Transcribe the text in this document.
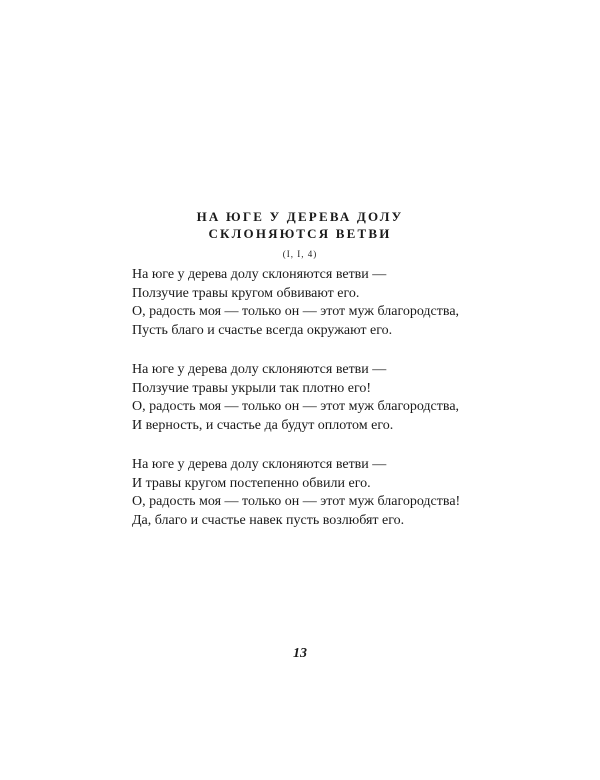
НА ЮГЕ У ДЕРЕВА ДОЛУ
СКЛОНЯЮТСЯ ВЕТВИ
(I, I, 4)
На юге у дерева долу склоняются ветви —
Ползучие травы кругом обвивают его.
О, радость моя — только он — этот муж благородства,
Пусть благо и счастье всегда окружают его.
На юге у дерева долу склоняются ветви —
Ползучие травы укрыли так плотно его!
О, радость моя — только он — этот муж благородства,
И верность, и счастье да будут оплотом его.
На юге у дерева долу склоняются ветви —
И травы кругом постепенно обвили его.
О, радость моя — только он — этот муж благородства!
Да, благо и счастье навек пусть возлюбят его.
13
